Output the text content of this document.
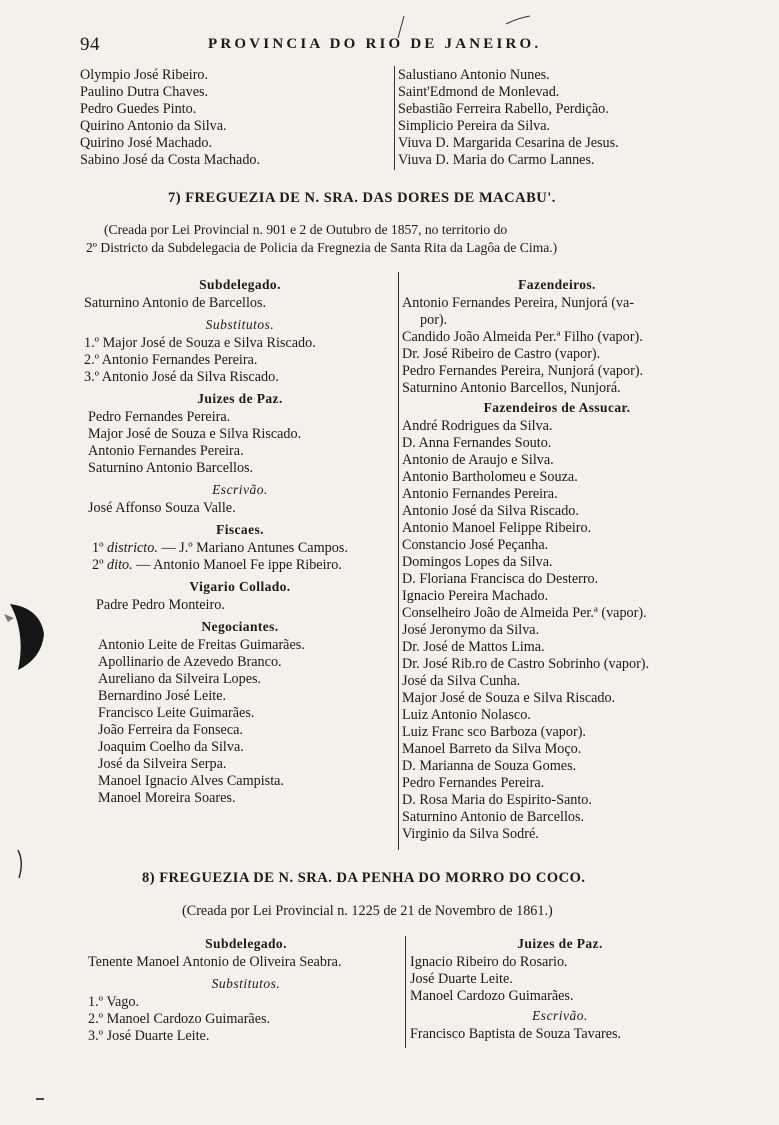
94	PROVINCIA DO RIO DE JANEIRO.
Olympio José Ribeiro.
Paulino Dutra Chaves.
Pedro Guedes Pinto.
Quirino Antonio da Silva.
Quirino José Machado.
Sabino José da Costa Machado.
Salustiano Antonio Nunes.
Saint'Edmond de Monlevad.
Sebastião Ferreira Rabello, Perdição.
Simplicio Pereira da Silva.
Viuva D. Margarida Cesarina de Jesus.
Viuva D. Maria do Carmo Lannes.
7) FREGUEZIA DE N. SRA. DAS DORES DE MACABU'.
(Creada por Lei Provincial n. 901 e 2 de Outubro de 1857, no territorio do
2º Districto da Subdelegacia de Policia da Fregnezia de Santa Rita da Lagôa de Cima.)
Subdelegado.
Saturnino Antonio de Barcellos.
Substitutos.
1.º Major José de Souza e Silva Riscado.
2.º Antonio Fernandes Pereira.
3.º Antonio José da Silva Riscado.
Juizes de Paz.
Pedro Fernandes Pereira.
Major José de Souza e Silva Riscado.
Antonio Fernandes Pereira.
Saturnino Antonio Barcellos.
Escrivão.
José Affonso Souza Valle.
Fiscaes.
1º districto. — J.º Mariano Antunes Campos.
2º dito. — Antonio Manoel Fe ippe Ribeiro.
Vigario Collado.
Padre Pedro Monteiro.
Negociantes.
Antonio Leite de Freitas Guimarães.
Apollinario de Azevedo Branco.
Aureliano da Silveira Lopes.
Bernardino José Leite.
Francisco Leite Guimarães.
João Ferreira da Fonseca.
Joaquim Coelho da Silva.
José da Silveira Serpa.
Manoel Ignacio Alves Campista.
Manoel Moreira Soares.
Fazendeiros.
Antonio Fernandes Pereira, Nunjorá (va-
por).
Candido João Almeida Per.ª Filho (vapor).
Dr. José Ribeiro de Castro (vapor).
Pedro Fernandes Pereira, Nunjorá (vapor).
Saturnino Antonio Barcellos, Nunjorá.
Fazendeiros de Assucar.
André Rodrigues da Silva.
D. Anna Fernandes Souto.
Antonio de Araujo e Silva.
Antonio Bartholomeu e Souza.
Antonio Fernandes Pereira.
Antonio José da Silva Riscado.
Antonio Manoel Felippe Ribeiro.
Constancio José Peçanha.
Domingos Lopes da Silva.
D. Floriana Francisca do Desterro.
Ignacio Pereira Machado.
Conselheiro João de Almeida Per.ª (vapor).
José Jeronymo da Silva.
Dr. José de Mattos Lima.
Dr. José Rib.ro de Castro Sobrinho (vapor).
José da Silva Cunha.
Major José de Souza e Silva Riscado.
Luiz Antonio Nolasco.
Luiz Franc sco Barboza (vapor).
Manoel Barreto da Silva Moço.
D. Marianna de Souza Gomes.
Pedro Fernandes Pereira.
D. Rosa Maria do Espirito-Santo.
Saturnino Antonio de Barcellos.
Virginio da Silva Sodré.
8) FREGUEZIA DE N. SRA. DA PENHA DO MORRO DO COCO.
(Creada por Lei Provincial n. 1225 de 21 de Novembro de 1861.)
Subdelegado.
Tenente Manoel Antonio de Oliveira Seabra.
Substitutos.
1.º Vago.
2.º Manoel Cardozo Guimarães.
3.º José Duarte Leite.
Juizes de Paz.
Ignacio Ribeiro do Rosario.
José Duarte Leite.
Manoel Cardozo Guimarães.
Escrivão.
Francisco Baptista de Souza Tavares.
